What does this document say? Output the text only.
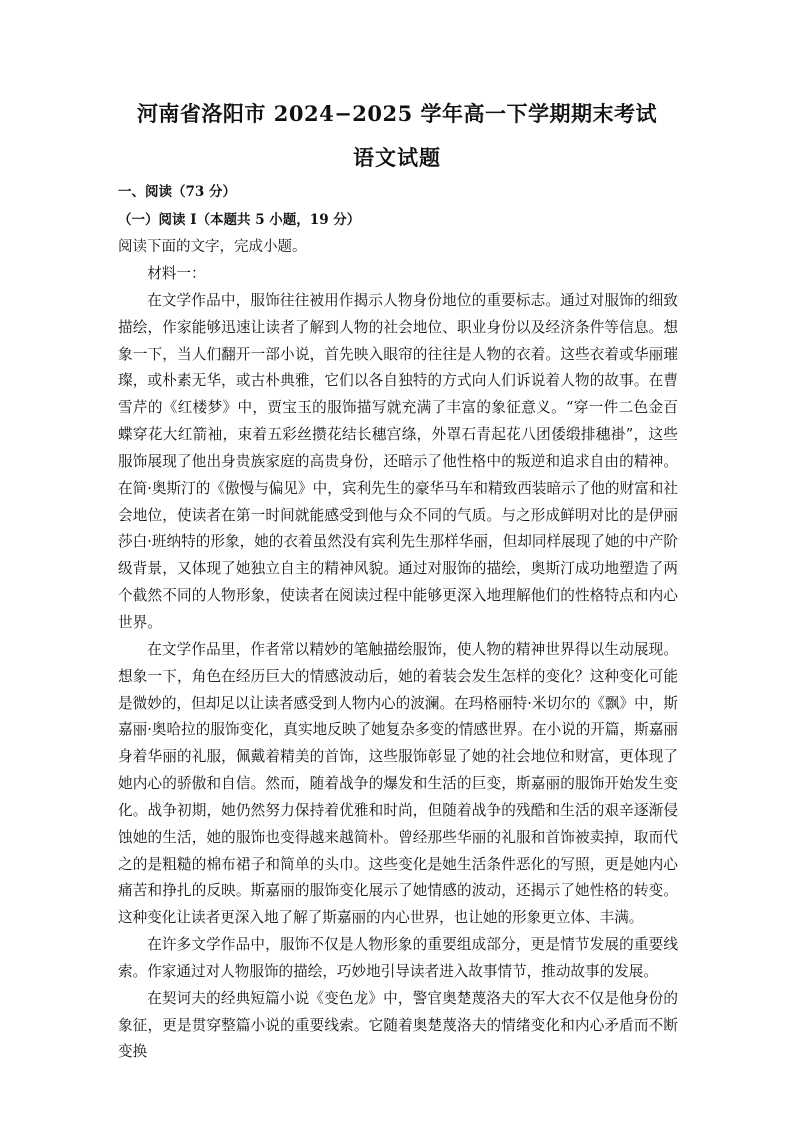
河南省洛阳市 2024−2025 学年高一下学期期末考试
语文试题
一、阅读（73 分）
（一）阅读 I（本题共 5 小题，19 分）
阅读下面的文字，完成小题。

材料一：

在文学作品中，服饰往往被用作揭示人物身份地位的重要标志。通过对服饰的细致描绘，作家能够迅速让读者了解到人物的社会地位、职业身份以及经济条件等信息。想象一下，当人们翻开一部小说，首先映入眼帘的往往是人物的衣着。这些衣着或华丽璀璨，或朴素无华，或古朴典雅，它们以各自独特的方式向人们诉说着人物的故事。在曹雪芹的《红楼梦》中，贾宝玉的服饰描写就充满了丰富的象征意义。“穿一件二色金百蝶穿花大红箭袖，束着五彩丝攒花结长穗宫绦，外罩石青起花八团倭缎排穗褂”，这些服饰展现了他出身贵族家庭的高贵身份，还暗示了他性格中的叛逆和追求自由的精神。在简·奥斯汀的《傲慢与偏见》中，宾利先生的豪华马车和精致西装暗示了他的财富和社会地位，使读者在第一时间就能感受到他与众不同的气质。与之形成鲜明对比的是伊丽莎白·班纳特的形象，她的衣着虽然没有宾利先生那样华丽，但却同样展现了她的中产阶级背景，又体现了她独立自主的精神风貌。通过对服饰的描绘，奥斯汀成功地塑造了两个截然不同的人物形象，使读者在阅读过程中能够更深入地理解他们的性格特点和内心世界。

在文学作品里，作者常以精妙的笔触描绘服饰，使人物的精神世界得以生动展现。想象一下，角色在经历巨大的情感波动后，她的着装会发生怎样的变化？这种变化可能是微妙的，但却足以让读者感受到人物内心的波澜。在玛格丽特·米切尔的《飘》中，斯嘉丽·奥哈拉的服饰变化，真实地反映了她复杂多变的情感世界。在小说的开篇，斯嘉丽身着华丽的礼服，佩戴着精美的首饰，这些服饰彰显了她的社会地位和财富，更体现了她内心的骄傲和自信。然而，随着战争的爆发和生活的巨变，斯嘉丽的服饰开始发生变化。战争初期，她仍然努力保持着优雅和时尚，但随着战争的残酷和生活的艰辛逐渐侵蚀她的生活，她的服饰也变得越来越简朴。曾经那些华丽的礼服和首饰被卖掉，取而代之的是粗糙的棉布裙子和简单的头巾。这些变化是她生活条件恶化的写照，更是她内心痛苦和挣扎的反映。斯嘉丽的服饰变化展示了她情感的波动，还揭示了她性格的转变。这种变化让读者更深入地了解了斯嘉丽的内心世界，也让她的形象更立体、丰满。

在许多文学作品中，服饰不仅是人物形象的重要组成部分，更是情节发展的重要线索。作家通过对人物服饰的描绘，巧妙地引导读者进入故事情节，推动故事的发展。

在契诃夫的经典短篇小说《变色龙》中，警官奥楚蔑洛夫的军大衣不仅是他身份的象征，更是贯穿整篇小说的重要线索。它随着奥楚蔑洛夫的情绪变化和内心矛盾而不断变换
